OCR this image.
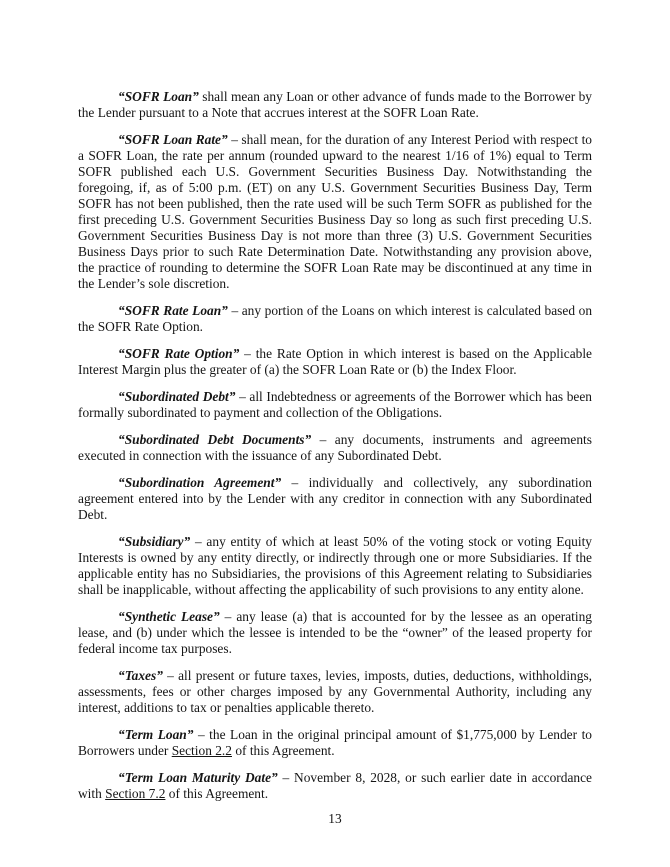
“SOFR Loan” shall mean any Loan or other advance of funds made to the Borrower by the Lender pursuant to a Note that accrues interest at the SOFR Loan Rate.

“SOFR Loan Rate” – shall mean, for the duration of any Interest Period with respect to a SOFR Loan, the rate per annum (rounded upward to the nearest 1/16 of 1%) equal to Term SOFR published each U.S. Government Securities Business Day. Notwithstanding the foregoing, if, as of 5:00 p.m. (ET) on any U.S. Government Securities Business Day, Term SOFR has not been published, then the rate used will be such Term SOFR as published for the first preceding U.S. Government Securities Business Day so long as such first preceding U.S. Government Securities Business Day is not more than three (3) U.S. Government Securities Business Days prior to such Rate Determination Date. Notwithstanding any provision above, the practice of rounding to determine the SOFR Loan Rate may be discontinued at any time in the Lender’s sole discretion.

“SOFR Rate Loan” – any portion of the Loans on which interest is calculated based on the SOFR Rate Option.

“SOFR Rate Option” – the Rate Option in which interest is based on the Applicable Interest Margin plus the greater of (a) the SOFR Loan Rate or (b) the Index Floor.

“Subordinated Debt” – all Indebtedness or agreements of the Borrower which has been formally subordinated to payment and collection of the Obligations.

“Subordinated Debt Documents” – any documents, instruments and agreements executed in connection with the issuance of any Subordinated Debt.

“Subordination Agreement” – individually and collectively, any subordination agreement entered into by the Lender with any creditor in connection with any Subordinated Debt.

“Subsidiary” – any entity of which at least 50% of the voting stock or voting Equity Interests is owned by any entity directly, or indirectly through one or more Subsidiaries. If the applicable entity has no Subsidiaries, the provisions of this Agreement relating to Subsidiaries shall be inapplicable, without affecting the applicability of such provisions to any entity alone.

“Synthetic Lease” – any lease (a) that is accounted for by the lessee as an operating lease, and (b) under which the lessee is intended to be the “owner” of the leased property for federal income tax purposes.

“Taxes” – all present or future taxes, levies, imposts, duties, deductions, withholdings, assessments, fees or other charges imposed by any Governmental Authority, including any interest, additions to tax or penalties applicable thereto.

“Term Loan” – the Loan in the original principal amount of $1,775,000 by Lender to Borrowers under Section 2.2 of this Agreement.

“Term Loan Maturity Date” – November 8, 2028, or such earlier date in accordance with Section 7.2 of this Agreement.

13
